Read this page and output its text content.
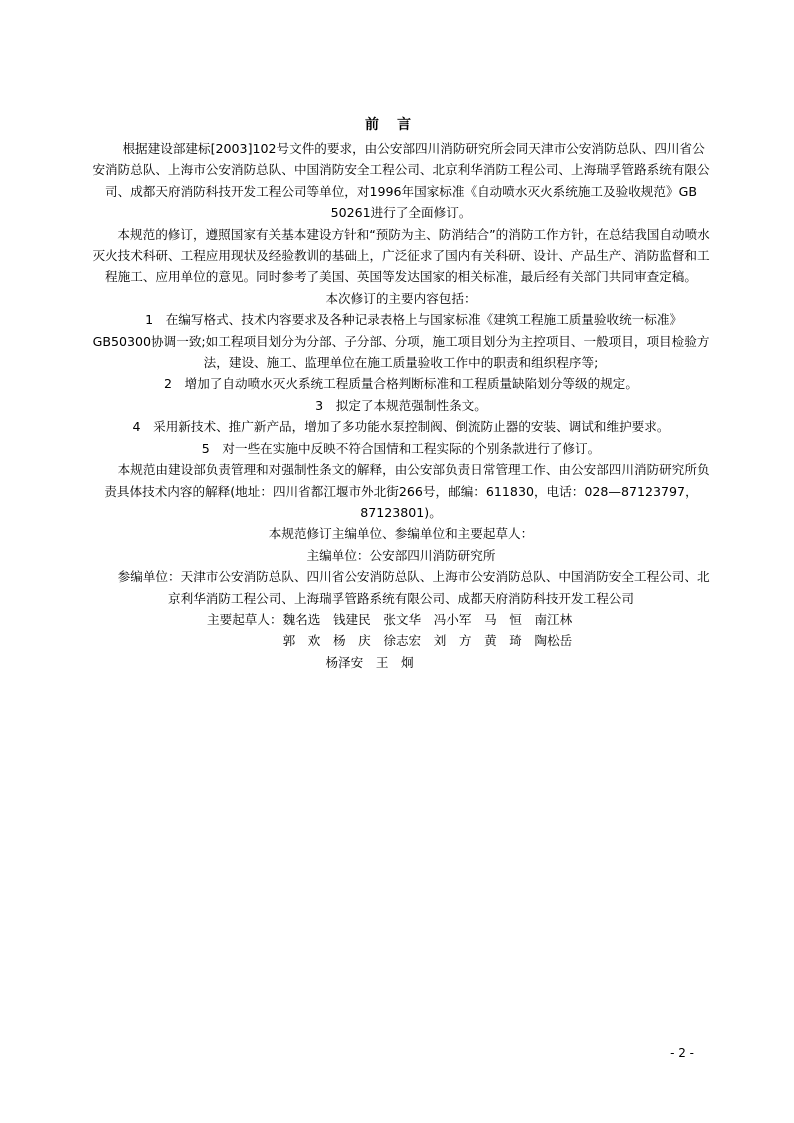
前言

根据建设部建标[2003]102号文件的要求，由公安部四川消防研究所会同天津市公安消防总队、四川省公安消防总队、上海市公安消防总队、中国消防安全工程公司、北京利华消防工程公司、上海瑞孚管路系统有限公司、成都天府消防科技开发工程公司等单位，对1996年国家标准《自动喷水灭火系统施工及验收规范》GB 50261进行了全面修订。

本规范的修订，遵照国家有关基本建设方针和“预防为主、防消结合”的消防工作方针，在总结我国自动喷水灭火技术科研、工程应用现状及经验教训的基础上，广泛征求了国内有关科研、设计、产品生产、消防监督和工程施工、应用单位的意见。同时参考了美国、英国等发达国家的相关标准，最后经有关部门共同审查定稿。

本次修订的主要内容包括：

1　在编写格式、技术内容要求及各种记录表格上与国家标准《建筑工程施工质量验收统一标准》GB50300协调一致;如工程项目划分为分部、子分部、分项，施工项目划分为主控项目、一般项目，项目检验方法，建设、施工、监理单位在施工质量验收工作中的职责和组织程序等;

2　增加了自动喷水灭火系统工程质量合格判断标准和工程质量缺陷划分等级的规定。

3　拟定了本规范强制性条文。

4　采用新技术、推广新产品，增加了多功能水泵控制阀、倒流防止器的安装、调试和维护要求。

5　对一些在实施中反映不符合国情和工程实际的个别条款进行了修订。

本规范由建设部负责管理和对强制性条文的解释，由公安部负责日常管理工作、由公安部四川消防研究所负责具体技术内容的解释(地址：四川省都江堰市外北街266号，邮编：611830，电话：028—87123797，87123801)。

本规范修订主编单位、参编单位和主要起草人：

主编单位：公安部四川消防研究所

参编单位：天津市公安消防总队、四川省公安消防总队、上海市公安消防总队、中国消防安全工程公司、北京利华消防工程公司、上海瑞孚管路系统有限公司、成都天府消防科技开发工程公司

主要起草人：魏名选　钱建民　张文华　冯小军　马　恒　南江林
郭　欢　杨　庆　徐志宏　刘　方　黄　琦　陶松岳
杨泽安　王　炯
- 2 -
